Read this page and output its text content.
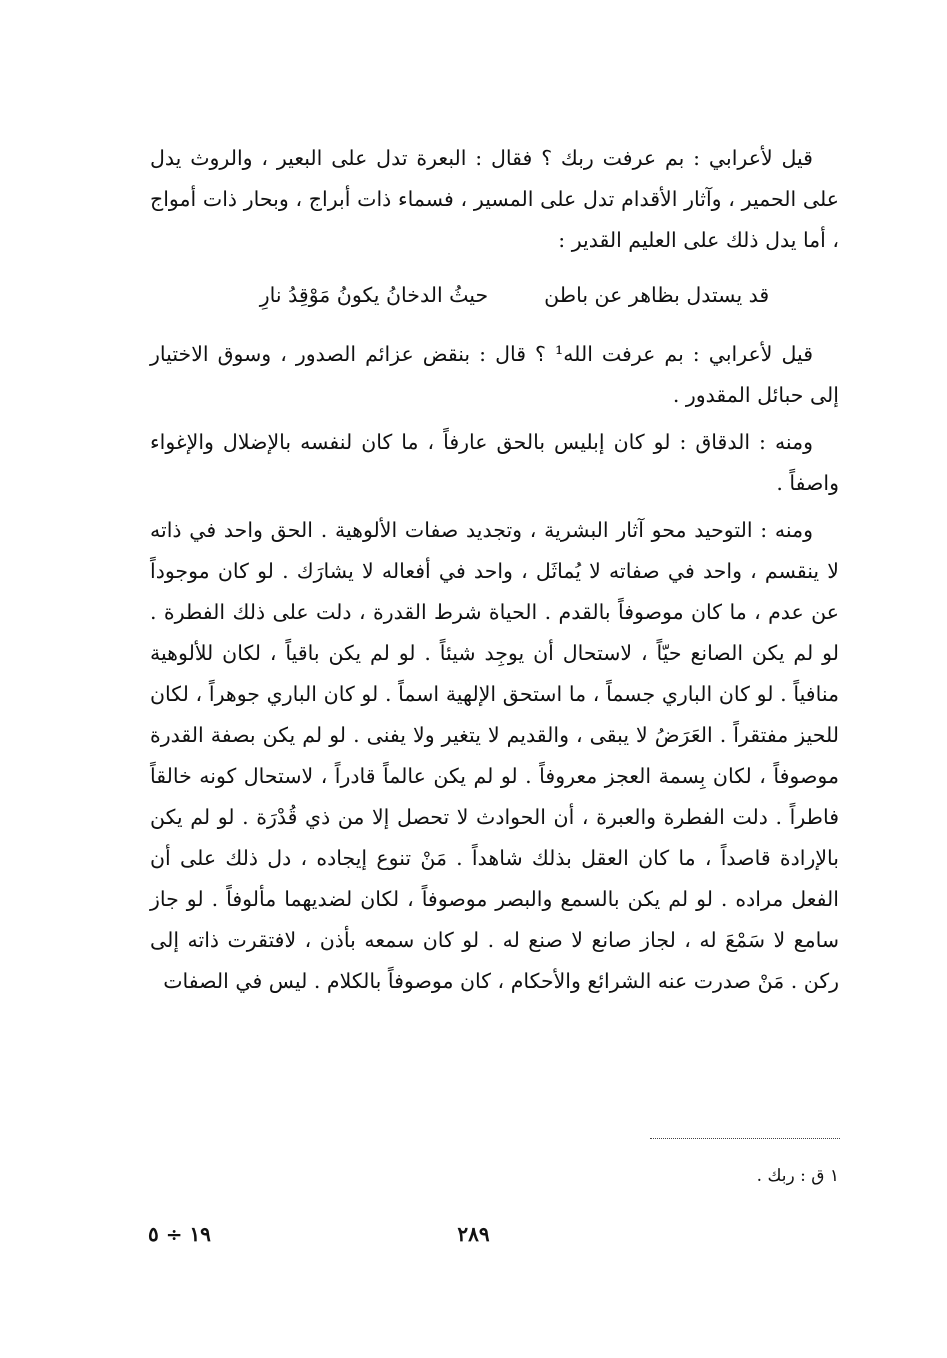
قيل لأعرابي : بم عرفت ربك ؟ فقال : البعرة تدل على البعير ، والروث يدل على الحمير ، وآثار الأقدام تدل على المسير ، فسماء ذات أبراج ، وبحار ذات أمواج ، أما يدل ذلك على العليم القدير :

قد يستدل بظاهر عن باطن
حيثُ الدخانُ يكونُ مَوْقِدُ نارِ

قيل لأعرابي : بم عرفت الله¹ ؟ قال : بنقض عزائم الصدور ، وسوق الاختيار إلى حبائل المقدور .

ومنه : الدقاق : لو كان إبليس بالحق عارفاً ، ما كان لنفسه بالإضلال والإغواء واصفاً .

ومنه : التوحيد محو آثار البشرية ، وتجديد صفات الألوهية . الحق واحد في ذاته لا ينقسم ، واحد في صفاته لا يُماثَل ، واحد في أفعاله لا يشارَك . لو كان موجوداً عن عدم ، ما كان موصوفاً بالقدم . الحياة شرط القدرة ، دلت على ذلك الفطرة . لو لم يكن الصانع حيّاً ، لاستحال أن يوجِد شيئاً . لو لم يكن باقياً ، لكان للألوهية منافياً . لو كان الباري جسماً ، ما استحق الإلهية اسماً . لو كان الباري جوهراً ، لكان للحيز مفتقراً . العَرَضُ لا يبقى ، والقديم لا يتغير ولا يفنى . لو لم يكن بصفة القدرة موصوفاً ، لكان بِسمة العجز معروفاً . لو لم يكن عالماً قادراً ، لاستحال كونه خالقاً فاطراً . دلت الفطرة والعبرة ، أن الحوادث لا تحصل إلا من ذي قُدْرَة . لو لم يكن بالإرادة قاصداً ، ما كان العقل بذلك شاهداً . مَنْ تنوع إيجاده ، دل ذلك على أن الفعل مراده . لو لم يكن بالسمع والبصر موصوفاً ، لكان لضديهما مألوفاً . لو جاز سامع لا سَمْعَ له ، لجاز صانع لا صنع له . لو كان سمعه بأذن ، لافتقرت ذاته إلى ركن . مَنْ صدرت عنه الشرائع والأحكام ، كان موصوفاً بالكلام . ليس في الصفات

١ ق : ربك .
٢٨٩
١٩ ÷ ٥
